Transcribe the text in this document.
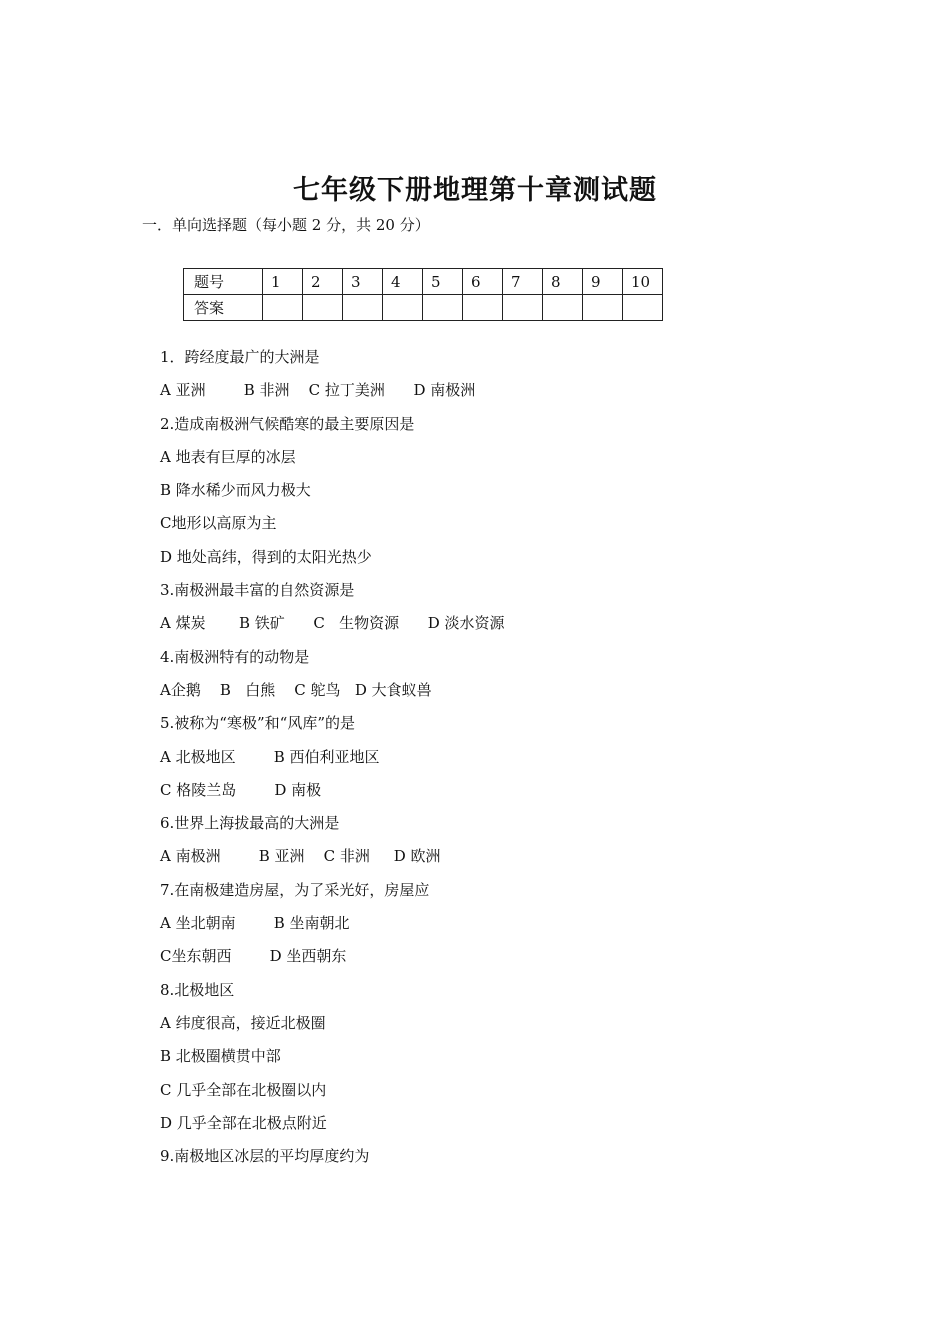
七年级下册地理第十章测试题
一．单向选择题（每小题 2 分，共 20 分）
题号	1	2	3	4	5	6	7	8	9	10
答案										
1．跨经度最广的大洲是
A 亚洲        B 非洲    C 拉丁美洲      D 南极洲
2.造成南极洲气候酷寒的最主要原因是
A 地表有巨厚的冰层
B 降水稀少而风力极大
C地形以高原为主
D 地处高纬，得到的太阳光热少
3.南极洲最丰富的自然资源是
A 煤炭       B 铁矿      C   生物资源      D 淡水资源
4.南极洲特有的动物是
A企鹅    B   白熊    C 鸵鸟   D 大食蚁兽
5.被称为“寒极”和“风库”的是
A 北极地区        B 西伯利亚地区
C 格陵兰岛        D 南极
6.世界上海拔最高的大洲是
A 南极洲        B 亚洲    C 非洲     D 欧洲
7.在南极建造房屋，为了采光好，房屋应
A 坐北朝南        B 坐南朝北
C坐东朝西        D 坐西朝东
8.北极地区
A 纬度很高，接近北极圈
B 北极圈横贯中部
C 几乎全部在北极圈以内
D 几乎全部在北极点附近
9.南极地区冰层的平均厚度约为
